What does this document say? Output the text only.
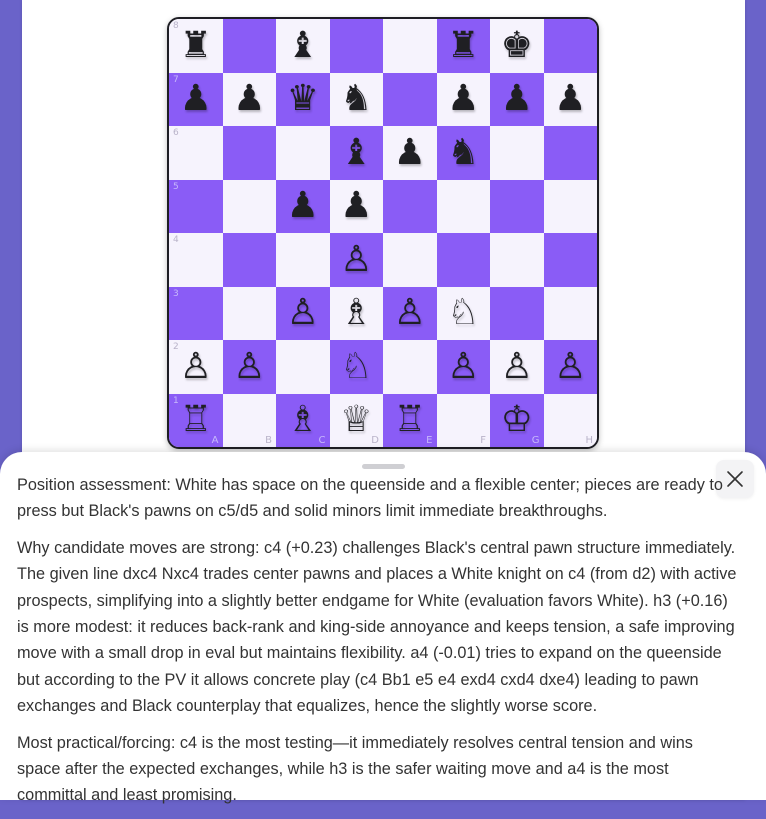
8 ♜ ♝	♜ ♚
7 ♟ ♟ ♛ ♞ ♟ ♟ ♟
6	♝ ♟ ♞
5	♟ ♟
4	♙
3	♙ ♗ ♙ ♘
2 ♙ ♙ ♘ ♙ ♙ ♙
1
A
♖
B	C
♗
D
♕
E
♖
F	G
♔
H

Position assessment: White has space on the queenside and a flexible center; pieces are ready to press but Black's pawns on c5/d5 and solid minors limit immediate breakthroughs.

Why candidate moves are strong: c4 (+0.23) challenges Black's central pawn structure immediately. The given line dxc4 Nxc4 trades center pawns and places a White knight on c4 (from d2) with active prospects, simplifying into a slightly better endgame for White (evaluation favors White). h3 (+0.16) is more modest: it reduces back-rank and king-side annoyance and keeps tension, a safe improving move with a small drop in eval but maintains flexibility. a4 (-0.01) tries to expand on the queenside but according to the PV it allows concrete play (c4 Bb1 e5 e4 exd4 cxd4 dxe4) leading to pawn exchanges and Black counterplay that equalizes, hence the slightly worse score.

Most practical/forcing: c4 is the most testing—it immediately resolves central tension and wins space after the expected exchanges, while h3 is the safer waiting move and a4 is the most committal and least promising.
